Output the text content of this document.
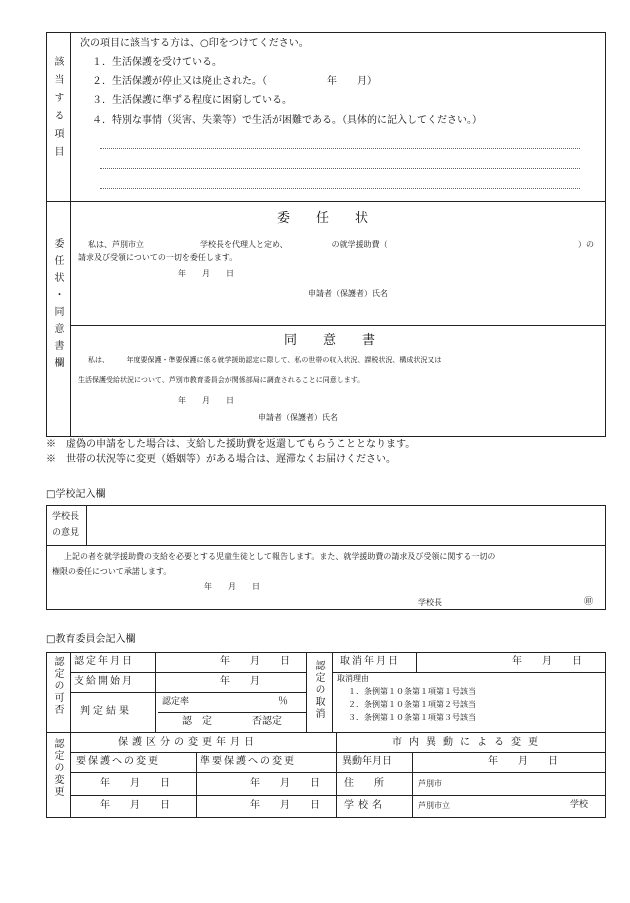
該当する項目
次の項目に該当する方は、○印をつけてください。
１．生活保護を受けている。
２．生活保護が停止又は廃止された。（　　　　　　年　　月）
３．生活保護に準ずる程度に困窮している。
４．特別な事情（災害、失業等）で生活が困難である。（具体的に記入してください。）
委任状・同意書欄
委　　任　　状
私は、芦別市立　　　　　　　学校長を代理人と定め、　　　　　　の就学援助費（	）の
請求及び受領についての一切を委任します。
年　　月　　日
申請者（保護者）氏名
同　　意　　書
私は、　　　年度要保護・準要保護に係る就学援助認定に際して、私の世帯の収入状況、課税状況、構成状況又は
生活保護受給状況について、芦別市教育委員会が関係部局に調査されることに同意します。
年　　月　　日
申請者（保護者）氏名
※　虚偽の申請をした場合は、支給した援助費を返還してもらうこととなります。
※　世帯の状況等に変更（婚姻等）がある場合は、遅滞なくお届けください。
□学校記入欄
学校長
の意見
上記の者を就学援助費の支給を必要とする児童生徒として報告します。また、就学援助費の請求及び受領に関する一切の
権限の委任について承諾します。
年　　月　　日
学校長	㊞
□教育委員会記入欄
認定の可否 認定年月日	年　　月　　日
支給開始月	年　　月
判定結果
認定率	％
認　定	否認定
認定の取消 取消年月日	年　　月　　日
取消理由
１．条例第１０条第１項第１号該当
２．条例第１０条第１項第２号該当
３．条例第１０条第１項第３号該当
認定の変更	保護区分の変更年月日	市内異動による変更
要保護への変更	準要保護への変更	異動年月日	年　　月　　日
年　　月　　日	年　　月　　日 住　　所	芦別市
年　　月　　日	年　　月　　日 学校名	芦別市立	学校
